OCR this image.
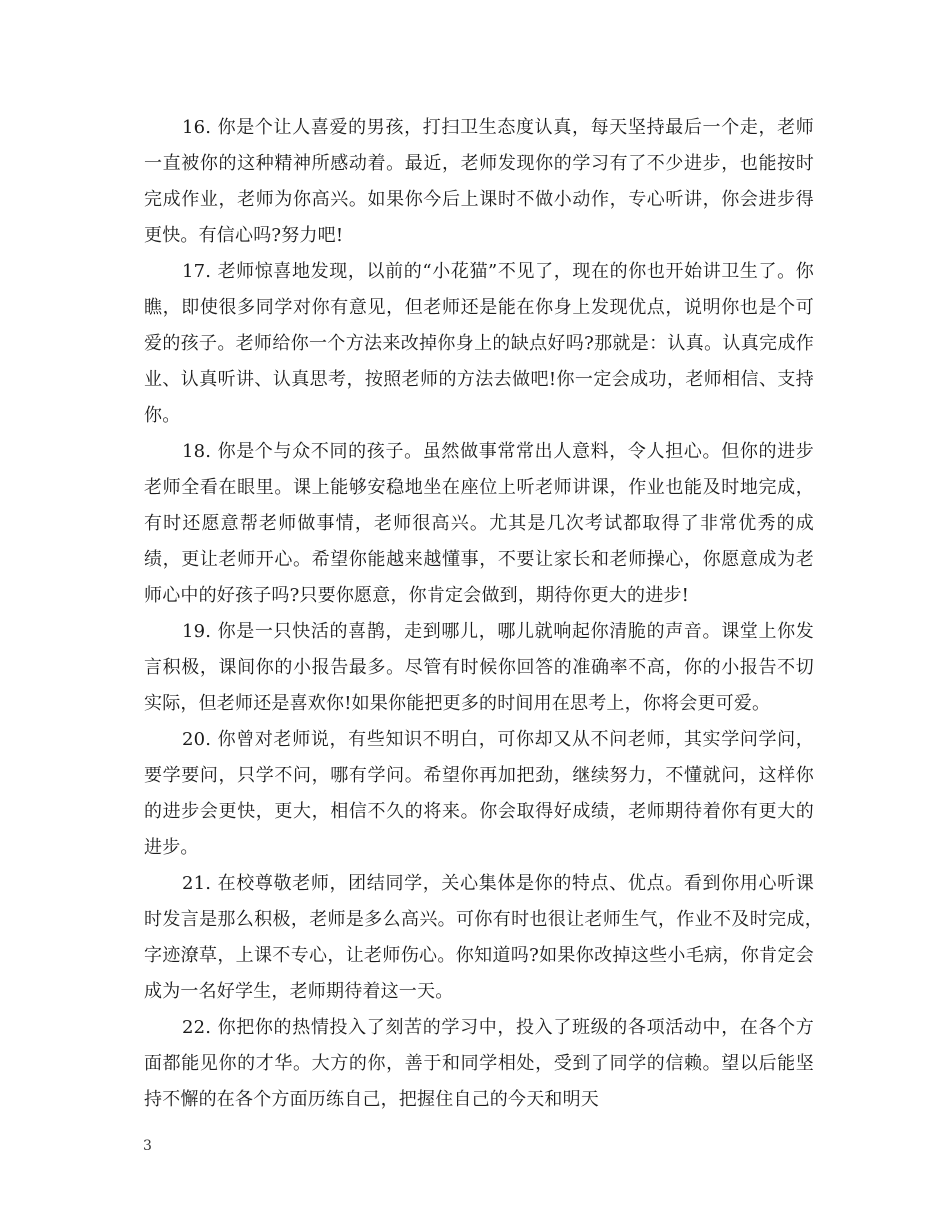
16. 你是个让人喜爱的男孩，打扫卫生态度认真，每天坚持最后一个走，老师一直被你的这种精神所感动着。最近，老师发现你的学习有了不少进步，也能按时完成作业，老师为你高兴。如果你今后上课时不做小动作，专心听讲，你会进步得更快。有信心吗?努力吧!

17. 老师惊喜地发现，以前的“小花猫”不见了，现在的你也开始讲卫生了。你瞧，即使很多同学对你有意见，但老师还是能在你身上发现优点，说明你也是个可爱的孩子。老师给你一个方法来改掉你身上的缺点好吗?那就是：认真。认真完成作业、认真听讲、认真思考，按照老师的方法去做吧!你一定会成功，老师相信、支持你。

18. 你是个与众不同的孩子。虽然做事常常出人意料，令人担心。但你的进步老师全看在眼里。课上能够安稳地坐在座位上听老师讲课，作业也能及时地完成，有时还愿意帮老师做事情，老师很高兴。尤其是几次考试都取得了非常优秀的成绩，更让老师开心。希望你能越来越懂事，不要让家长和老师操心，你愿意成为老师心中的好孩子吗?只要你愿意，你肯定会做到，期待你更大的进步!

19. 你是一只快活的喜鹊，走到哪儿，哪儿就响起你清脆的声音。课堂上你发言积极，课间你的小报告最多。尽管有时候你回答的准确率不高，你的小报告不切实际，但老师还是喜欢你!如果你能把更多的时间用在思考上，你将会更可爱。

20. 你曾对老师说，有些知识不明白，可你却又从不问老师，其实学问学问，要学要问，只学不问，哪有学问。希望你再加把劲，继续努力，不懂就问，这样你的进步会更快，更大，相信不久的将来。你会取得好成绩，老师期待着你有更大的进步。

21. 在校尊敬老师，团结同学，关心集体是你的特点、优点。看到你用心听课时发言是那么积极，老师是多么高兴。可你有时也很让老师生气，作业不及时完成，　字迹潦草，上课不专心，让老师伤心。你知道吗?如果你改掉这些小毛病，你肯定会成为一名好学生，老师期待着这一天。

22. 你把你的热情投入了刻苦的学习中，投入了班级的各项活动中，在各个方面都能见你的才华。大方的你，善于和同学相处，受到了同学的信赖。望以后能坚持不懈的在各个方面历练自己，把握住自己的今天和明天

3
